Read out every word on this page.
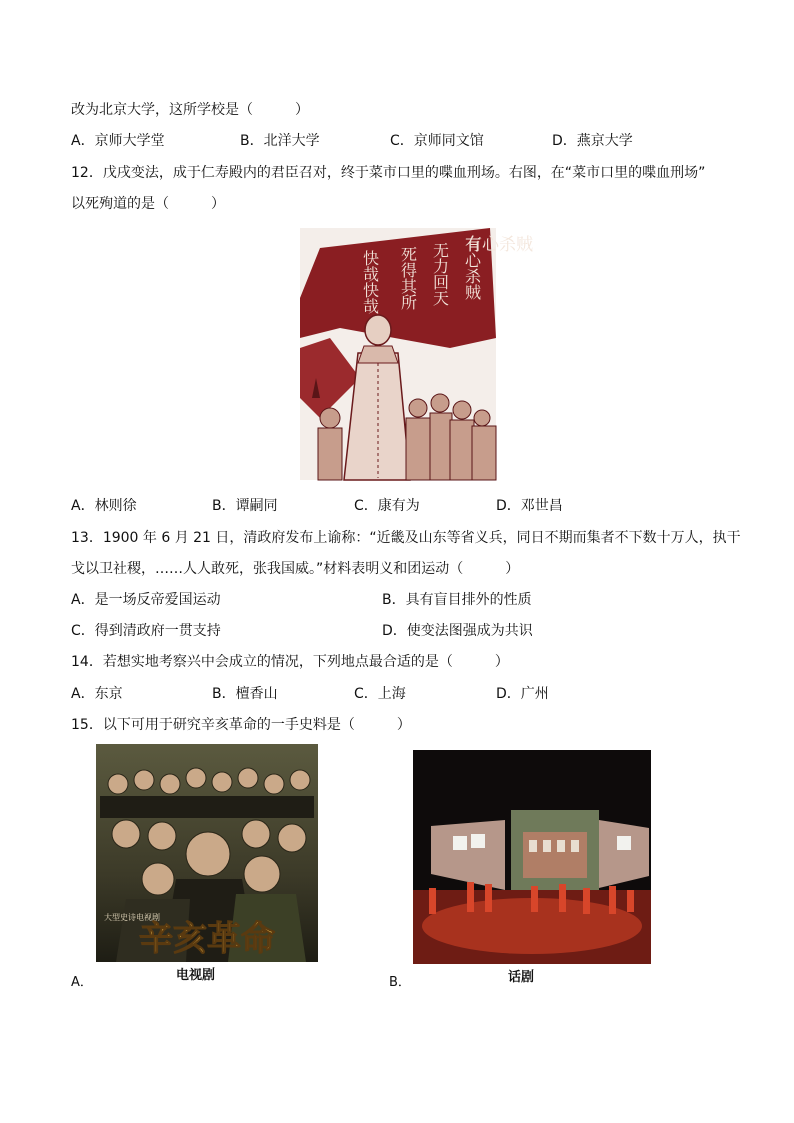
改为北京大学，这所学校是（　　　）
A．京师大学堂	B．北洋大学	C．京师同文馆	D．燕京大学
12．戊戌变法，成于仁寿殿内的君臣召对，终于菜市口里的喋血刑场。右图，在“菜市口里的喋血刑场”
以死殉道的是（　　　）
有心杀贼
有心杀贼
无力回天
死得其所
快哉快哉
A．林则徐	B．谭嗣同	C．康有为	D．邓世昌
13．1900 年 6 月 21 日，清政府发布上谕称：“近畿及山东等省义兵，同日不期而集者不下数十万人，执干
戈以卫社稷，……人人敢死，张我国威。”材料表明义和团运动（　　　）
A．是一场反帝爱国运动	B．具有盲目排外的性质
C．得到清政府一贯支持	D．使变法图强成为共识
14．若想实地考察兴中会成立的情况，下列地点最合适的是（　　　）
A．东京	B．檀香山	C．上海	D．广州
15．以下可用于研究辛亥革命的一手史料是（　　　）
大型史诗电视剧
辛亥革命
电视剧
A．	话剧
B．
